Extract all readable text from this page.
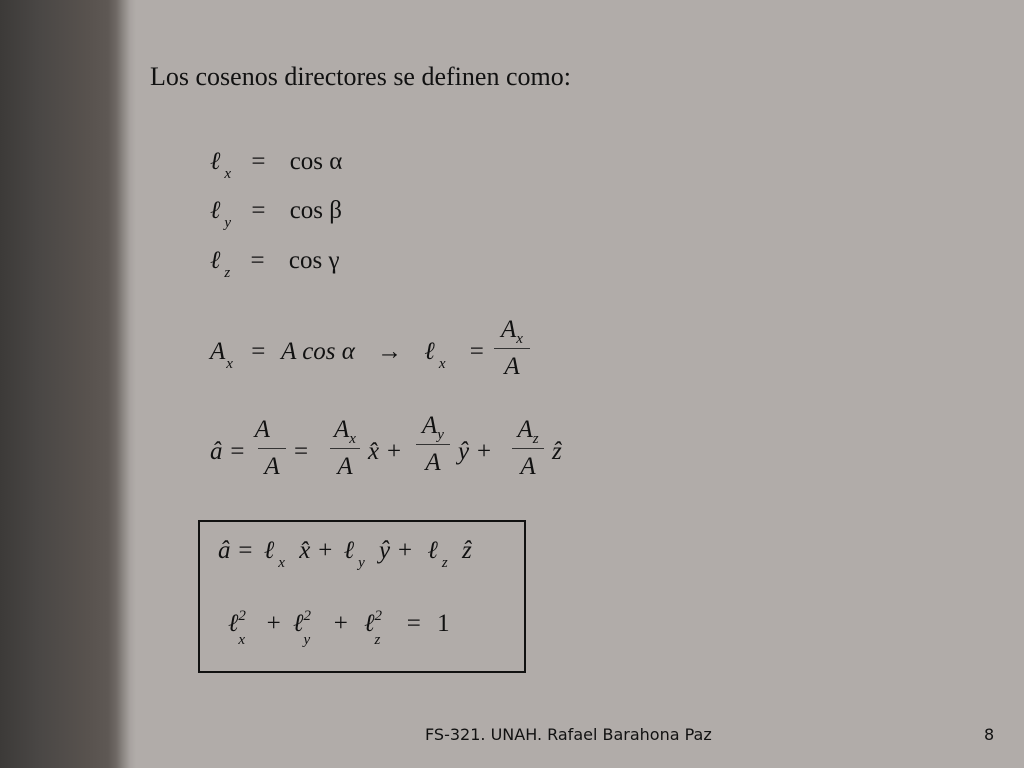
Los cosenos directores se definen como:
ℓ $_x$ = cos α
ℓ $_y$ = cos β
ℓ $_z$ = cos γ
$A_x = A$ cos α → ℓ $_x$ =
$A_x$
A
â =
A⃗
A
=
$A_x$
A
x̂ +
$A_y$
A ŷ +
$A_z$
A
ẑ
â = ℓ $_x$ x̂ + ℓ $_y$ ŷ + ℓ $_z$ ẑ
ℓ$^2$
x
+ ℓ$^2$
y
+ ℓ$^2$
z
= 1
FS-321. UNAH. Rafael Barahona Paz	8
